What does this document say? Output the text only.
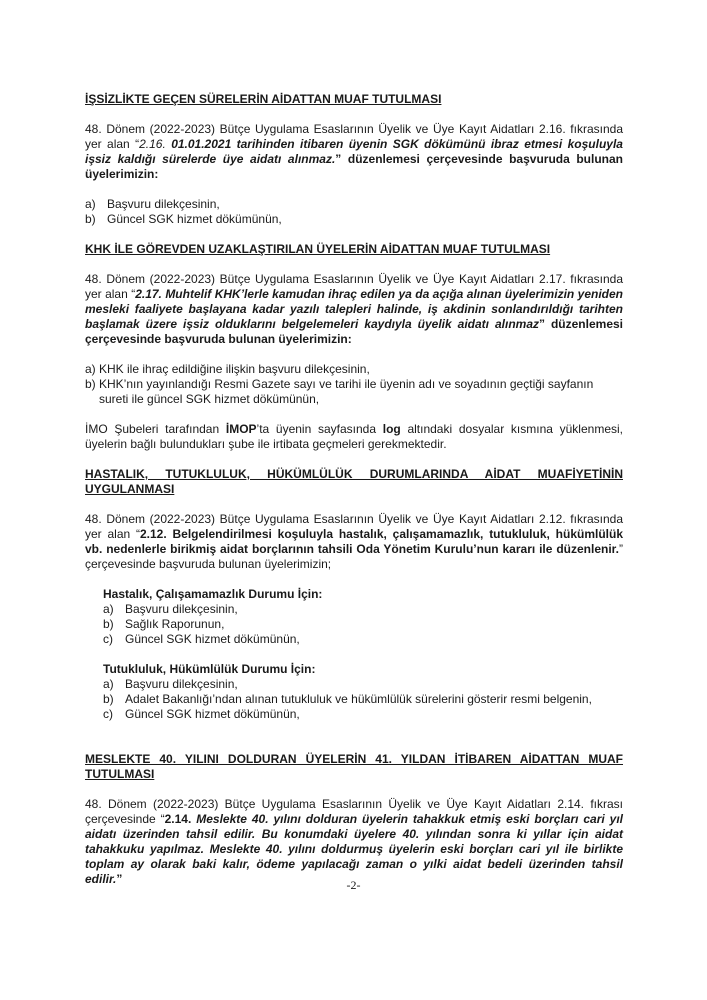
İŞSİZLİKTE GEÇEN SÜRELERİN AİDATTAN MUAF TUTULMASI

48. Dönem (2022-2023) Bütçe Uygulama Esaslarının Üyelik ve Üye Kayıt Aidatları 2.16. fıkrasında yer alan “2.16. 01.01.2021 tarihinden itibaren üyenin SGK dökümünü ibraz etmesi koşuluyla işsiz kaldığı sürelerde üye aidatı alınmaz.” düzenlemesi çerçevesinde başvuruda bulunan üyelerimizin:

a) Başvuru dilekçesinin,
b) Güncel SGK hizmet dökümünün,
KHK İLE GÖREVDEN UZAKLAŞTIRILAN ÜYELERİN AİDATTAN MUAF TUTULMASI

48. Dönem (2022-2023) Bütçe Uygulama Esaslarının Üyelik ve Üye Kayıt Aidatları 2.17. fıkrasında yer alan “2.17. Muhtelif KHK’lerle kamudan ihraç edilen ya da açığa alınan üyelerimizin yeniden mesleki faaliyete başlayana kadar yazılı talepleri halinde, iş akdinin sonlandırıldığı tarihten başlamak üzere işsiz olduklarını belgelemeleri kaydıyla üyelik aidatı alınmaz” düzenlemesi çerçevesinde başvuruda bulunan üyelerimizin:

a) KHK ile ihraç edildiğine ilişkin başvuru dilekçesinin,
b) KHK’nın yayınlandığı Resmi Gazete sayı ve tarihi ile üyenin adı ve soyadının geçtiği sayfanın sureti ile güncel SGK hizmet dökümünün,

İMO Şubeleri tarafından İMOP’ta üyenin sayfasında log altındaki dosyalar kısmına yüklenmesi, üyelerin bağlı bulundukları şube ile irtibata geçmeleri gerekmektedir.

HASTALIK, TUTUKLULUK, HÜKÜMLÜLÜK DURUMLARINDA AİDAT MUAFİYETİNİN UYGULANMASI

48. Dönem (2022-2023) Bütçe Uygulama Esaslarının Üyelik ve Üye Kayıt Aidatları 2.12. fıkrasında yer alan “2.12. Belgelendirilmesi koşuluyla hastalık, çalışamamazlık, tutukluluk, hükümlülük vb. nedenlerle birikmiş aidat borçlarının tahsili Oda Yönetim Kurulu’nun kararı ile düzenlenir.” çerçevesinde başvuruda bulunan üyelerimizin;

Hastalık, Çalışamamazlık Durumu İçin:
a) Başvuru dilekçesinin,
b) Sağlık Raporunun,
c) Güncel SGK hizmet dökümünün,
Tutukluluk, Hükümlülük Durumu İçin:
a) Başvuru dilekçesinin,
b) Adalet Bakanlığı’ndan alınan tutukluluk ve hükümlülük sürelerini gösterir resmi belgenin,
c) Güncel SGK hizmet dökümünün,
MESLEKTE 40. YILINI DOLDURAN ÜYELERİN 41. YILDAN İTİBAREN AİDATTAN MUAF TUTULMASI

48. Dönem (2022-2023) Bütçe Uygulama Esaslarının Üyelik ve Üye Kayıt Aidatları 2.14. fıkrası çerçevesinde “2.14. Meslekte 40. yılını dolduran üyelerin tahakkuk etmiş eski borçları cari yıl aidatı üzerinden tahsil edilir. Bu konumdaki üyelere 40. yılından sonra ki yıllar için aidat tahakkuku yapılmaz. Meslekte 40. yılını doldurmuş üyelerin eski borçları cari yıl ile birlikte toplam ay olarak baki kalır, ödeme yapılacağı zaman o yılki aidat bedeli üzerinden tahsil edilir.”	-2-
